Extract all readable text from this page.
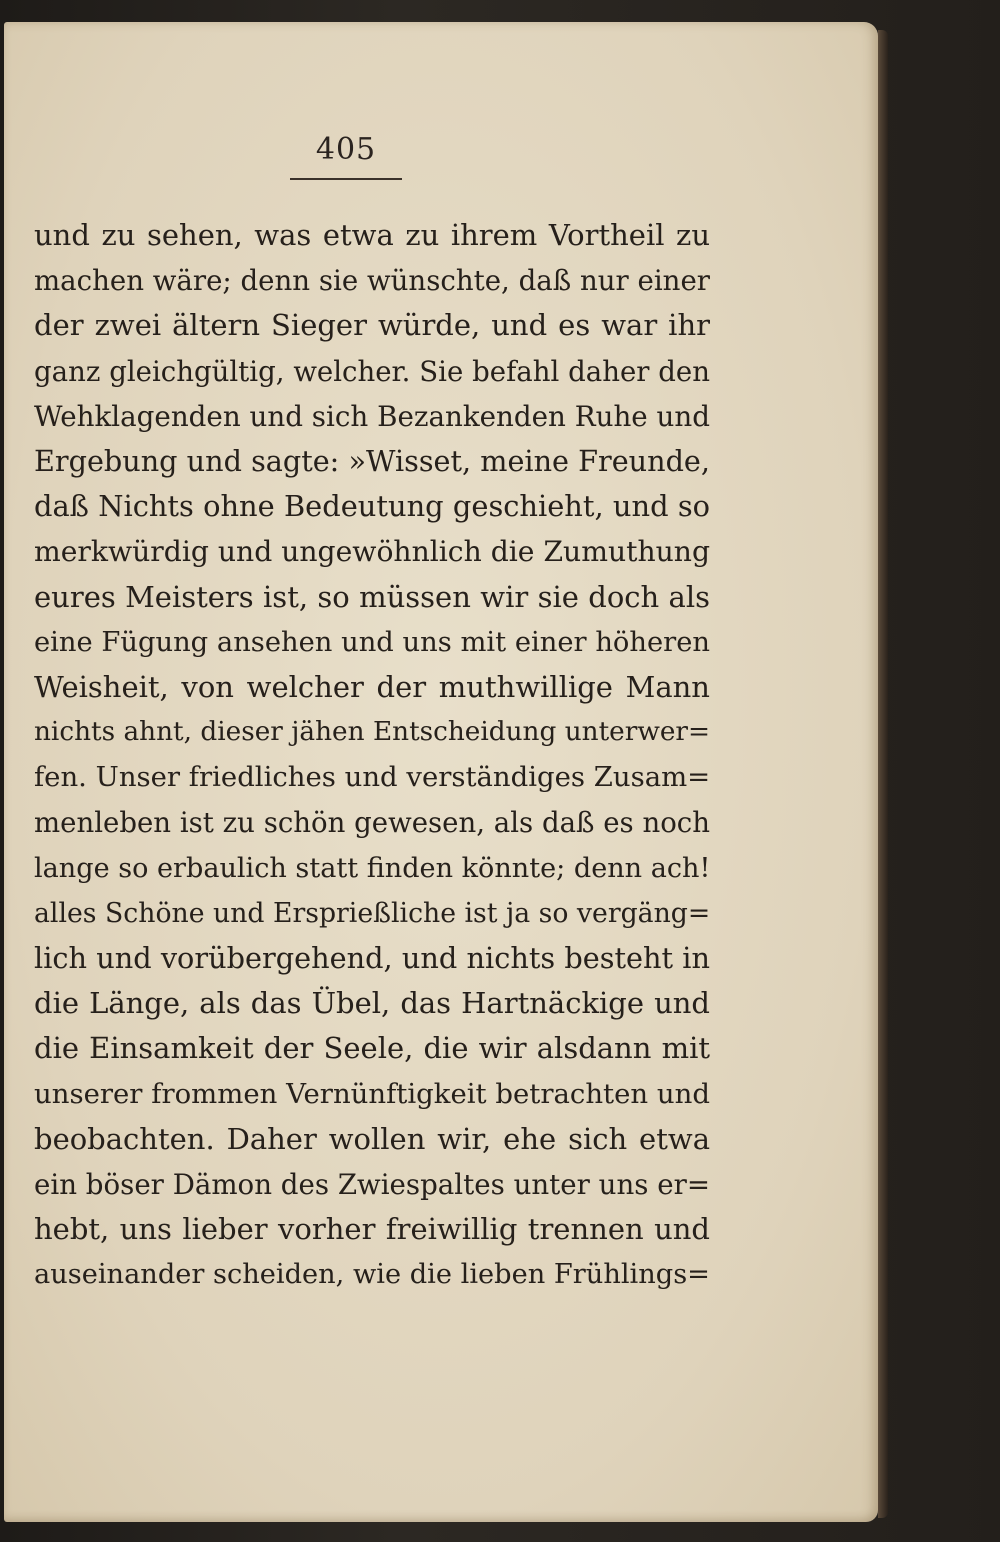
405
und zu sehen, was etwa zu ihrem Vortheil zu
machen wäre; denn sie wünschte, daß nur einer
der zwei ältern Sieger würde, und es war ihr
ganz gleichgültig, welcher. Sie befahl daher den
Wehklagenden und sich Bezankenden Ruhe und
Ergebung und sagte: »Wisset, meine Freunde,
daß Nichts ohne Bedeutung geschieht, und so
merkwürdig und ungewöhnlich die Zumuthung
eures Meisters ist, so müssen wir sie doch als
eine Fügung ansehen und uns mit einer höheren
Weisheit, von welcher der muthwillige Mann
nichts ahnt, dieser jähen Entscheidung unterwer=
fen. Unser friedliches und verständiges Zusam=
menleben ist zu schön gewesen, als daß es noch
lange so erbaulich statt finden könnte; denn ach!
alles Schöne und Ersprießliche ist ja so vergäng=
lich und vorübergehend, und nichts besteht in
die Länge, als das Übel, das Hartnäckige und
die Einsamkeit der Seele, die wir alsdann mit
unserer frommen Vernünftigkeit betrachten und
beobachten. Daher wollen wir, ehe sich etwa
ein böser Dämon des Zwiespaltes unter uns er=
hebt, uns lieber vorher freiwillig trennen und
auseinander scheiden, wie die lieben Frühlings=
